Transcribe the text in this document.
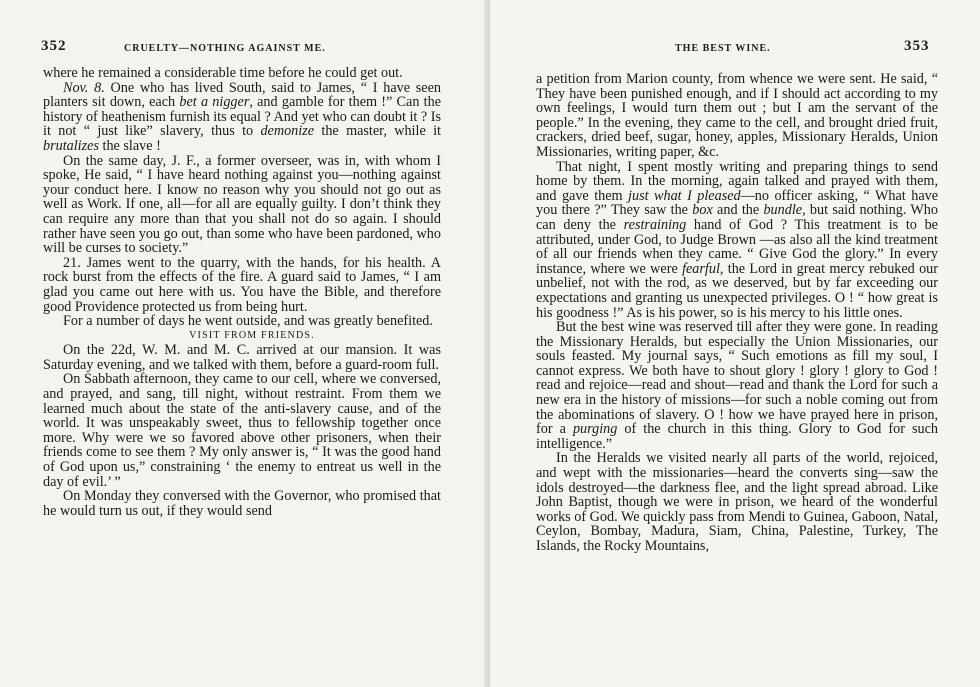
352	CRUELTY—NOTHING AGAINST ME.

where he remained a considerable time before he could get out.

Nov. 8. One who has lived South, said to James, “ I have seen planters sit down, each bet a nigger, and gamble for them !” Can the history of heathenism furnish its equal ? And yet who can doubt it ? Is it not “ just like” slavery, thus to demonize the master, while it brutalizes the slave !

On the same day, J. F., a former overseer, was in, with whom I spoke, He said, “ I have heard nothing against you—nothing against your conduct here. I know no reason why you should not go out as well as Work. If one, all—for all are equally guilty. I don’t think they can require any more than that you shall not do so again. I should rather have seen you go out, than some who have been pardoned, who will be curses to society.”

21. James went to the quarry, with the hands, for his health. A rock burst from the effects of the fire. A guard said to James, “ I am glad you came out here with us. You have the Bible, and therefore good Providence protected us from being hurt.

For a number of days he went outside, and was greatly benefited.

VISIT FROM FRIENDS.

On the 22d, W. M. and M. C. arrived at our mansion. It was Saturday evening, and we talked with them, before a guard-room full.

On Sabbath afternoon, they came to our cell, where we conversed, and prayed, and sang, till night, without restraint. From them we learned much about the state of the anti-slavery cause, and of the world. It was unspeakably sweet, thus to fellowship together once more. Why were we so favored above other prisoners, when their friends come to see them ? My only answer is, “ It was the good hand of God upon us,” constraining ‘ the enemy to entreat us well in the day of evil.’ ”

On Monday they conversed with the Governor, who promised that he would turn us out, if they would send

THE BEST WINE.	353

a petition from Marion county, from whence we were sent. He said, “ They have been punished enough, and if I should act according to my own feelings, I would turn them out ; but I am the servant of the people.” In the evening, they came to the cell, and brought dried fruit, crackers, dried beef, sugar, honey, apples, Missionary Heralds, Union Missionaries, writing paper, &c.

That night, I spent mostly writing and preparing things to send home by them. In the morning, again talked and prayed with them, and gave them just what I pleased—no officer asking, “ What have you there ?” They saw the box and the bundle, but said nothing. Who can deny the restraining hand of God ? This treatment is to be attributed, under God, to Judge Brown —as also all the kind treatment of all our friends when they came. “ Give God the glory.” In every instance, where we were fearful, the Lord in great mercy rebuked our unbelief, not with the rod, as we deserved, but by far exceeding our expectations and granting us unexpected privileges. O ! “ how great is his goodness !” As is his power, so is his mercy to his little ones.

But the best wine was reserved till after they were gone. In reading the Missionary Heralds, but especially the Union Missionaries, our souls feasted. My journal says, “ Such emotions as fill my soul, I cannot express. We both have to shout glory ! glory ! glory to God ! read and rejoice—read and shout—read and thank the Lord for such a new era in the history of missions—for such a noble coming out from the abominations of slavery. O ! how we have prayed here in prison, for a purging of the church in this thing. Glory to God for such intelligence.”

In the Heralds we visited nearly all parts of the world, rejoiced, and wept with the missionaries—heard the converts sing—saw the idols destroyed—the darkness flee, and the light spread abroad. Like John Baptist, though we were in prison, we heard of the wonderful works of God. We quickly pass from Mendi to Guinea, Gaboon, Natal, Ceylon, Bombay, Madura, Siam, China, Palestine, Turkey, The Islands, the Rocky Mountains,
